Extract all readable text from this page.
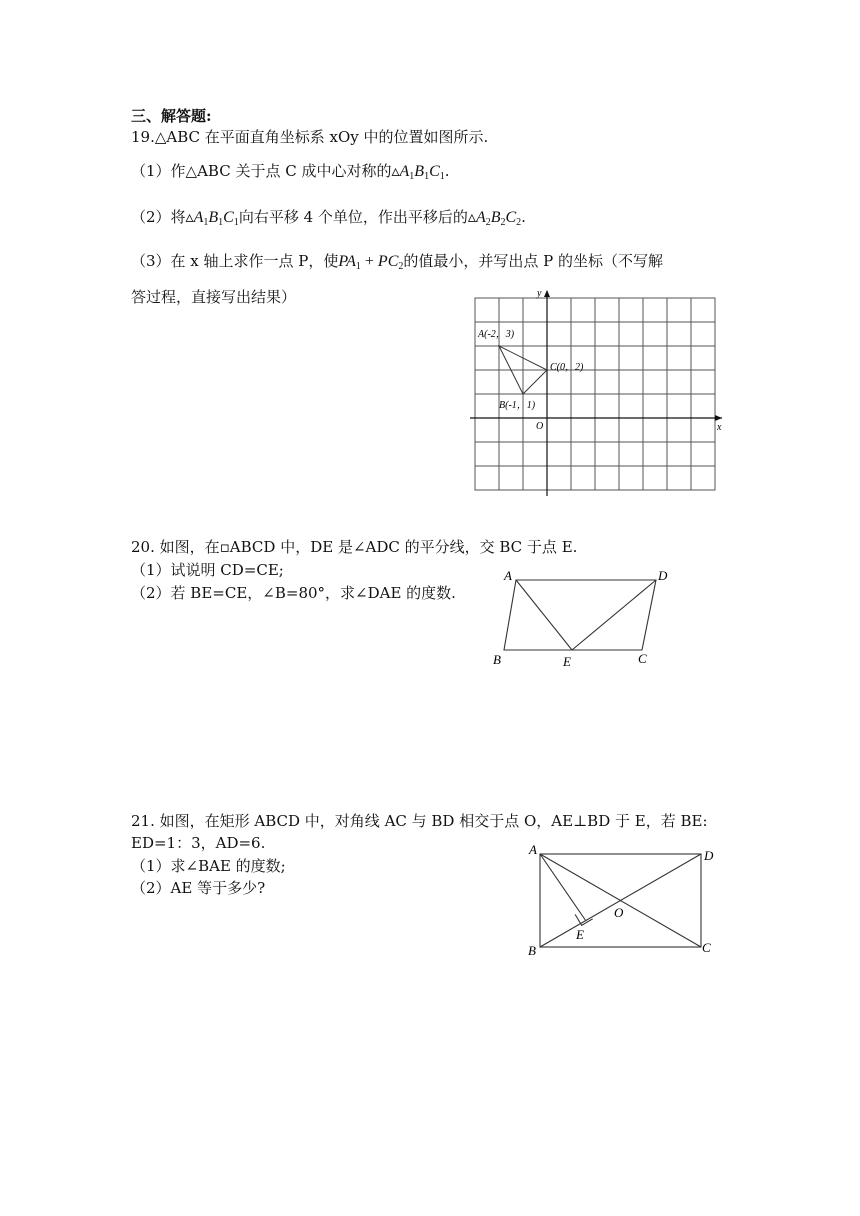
三、解答题:
19.△ABC 在平面直角坐标系 xOy 中的位置如图所示.
（1）作△ABC 关于点 C 成中心对称的$▵A_1B_1C_1$.
（2）将$▵A_1B_1C_1$向右平移 4 个单位，作出平移后的$▵A_2B_2C_2$.
（3）在 x 轴上求作一点 P，使$PA_1 + PC_2$的值最小，并写出点 P 的坐标（不写解
答过程，直接写出结果）
A(-2，3)
B(-1，1)
C(0，2)
O	x
y
20. 如图，在▫ABCD 中，DE 是∠ADC 的平分线，交 BC 于点 E.
（1）试说明 CD=CE;
（2）若 BE=CE，∠B=80°，求∠DAE 的度数.
A	D
B	E	C
21. 如图，在矩形 ABCD 中，对角线 AC 与 BD 相交于点 O，AE⊥BD 于 E，若 BE:
ED=1：3，AD=6.
（1）求∠BAE 的度数;
（2）AE 等于多少?
A	D
B	C
E
O
